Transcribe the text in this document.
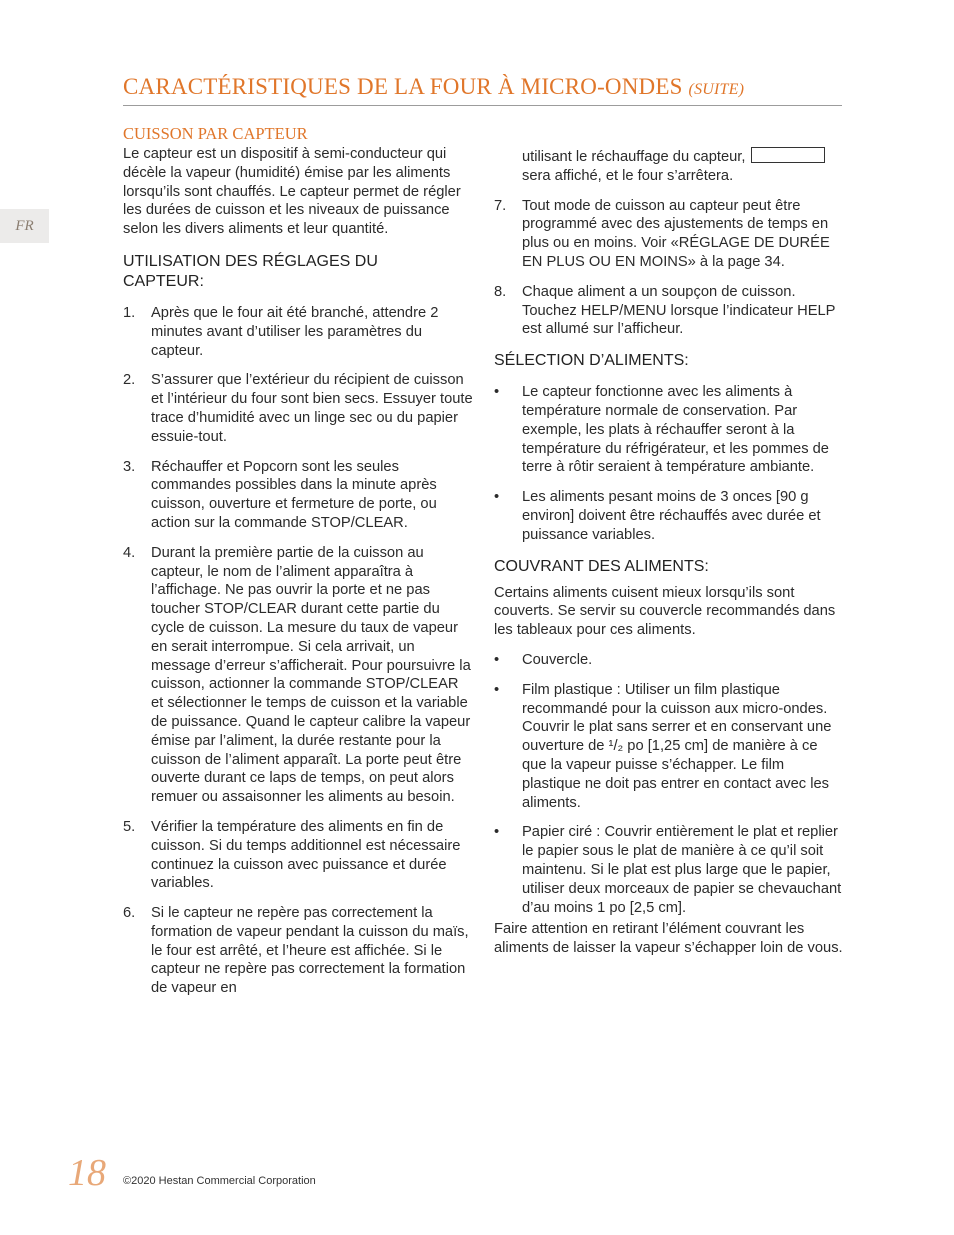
FR
CARACTÉRISTIQUES DE LA FOUR À MICRO-ONDES (SUITE)
CUISSON PAR CAPTEUR

Le capteur est un dispositif à semi-conducteur qui décèle la vapeur (humidité) émise par les aliments lorsqu’ils sont chauffés. Le capteur permet de régler les durées de cuisson et les niveaux de puissance selon les divers aliments et leur quantité.

UTILISATION DES RÉGLAGES DU CAPTEUR:
1. Après que le four ait été branché, attendre 2 minutes avant d’utiliser les paramètres du capteur.
2. S’assurer que l’extérieur du récipient de cuisson et l’intérieur du four sont bien secs. Essuyer toute trace d’humidité avec un linge sec ou du papier essuie-tout.
3. Réchauffer et Popcorn sont les seules commandes possibles dans la minute après cuisson, ouverture et fermeture de porte, ou action sur la commande STOP/CLEAR.
4. Durant la première partie de la cuisson au capteur, le nom de l’aliment apparaîtra à l’affichage. Ne pas ouvrir la porte et ne pas toucher STOP/CLEAR durant cette partie du cycle de cuisson. La mesure du taux de vapeur en serait interrompue. Si cela arrivait, un message d’erreur s’afficherait. Pour poursuivre la cuisson, actionner la commande STOP/CLEAR et sélectionner le temps de cuisson et la variable de puissance. Quand le capteur calibre la vapeur émise par l’aliment, la durée restante pour la cuisson de l’aliment apparaît. La porte peut être ouverte durant ce laps de temps, on peut alors remuer ou assaisonner les aliments au besoin.
5. Vérifier la température des aliments en fin de cuisson. Si du temps additionnel est nécessaire continuez la cuisson avec puissance et durée variables.
6. Si le capteur ne repère pas correctement la formation de vapeur pendant la cuisson du maïs, le four est arrêté, et l’heure est affichée. Si le capteur ne repère pas correctement la formation de vapeur en
utilisant le réchauffage du capteur,
sera affiché, et le four s’arrêtera.
7. Tout mode de cuisson au capteur peut être programmé avec des ajustements de temps en plus ou en moins. Voir «RÉGLAGE DE DURÉE EN PLUS OU EN MOINS» à la page 34.
8. Chaque aliment a un soupçon de cuisson. Touchez HELP/MENU lorsque l’indicateur HELP est allumé sur l’afficheur.
SÉLECTION D’ALIMENTS:
• Le capteur fonctionne avec les aliments à température normale de conservation. Par exemple, les plats à réchauffer seront à la température du réfrigérateur, et les pommes de terre à rôtir seraient à température ambiante.
• Les aliments pesant moins de 3 onces [90 g environ] doivent être réchauffés avec durée et puissance variables.
COUVRANT DES ALIMENTS:

Certains aliments cuisent mieux lorsqu’ils sont couverts. Se servir su couvercle recommandés dans les tableaux pour ces aliments.

• Couvercle.
• Film plastique : Utiliser un film plastique recommandé pour la cuisson aux micro-ondes. Couvrir le plat sans serrer et en conservant une ouverture de ¹/₂ po [1,25 cm] de manière à ce que la vapeur puisse s’échapper. Le film plastique ne doit pas entrer en contact avec les aliments.
• Papier ciré : Couvrir entièrement le plat et replier le papier sous le plat de manière à ce qu’il soit maintenu. Si le plat est plus large que le papier, utiliser deux morceaux de papier se chevauchant d’au moins 1 po [2,5 cm].

Faire attention en retirant l’élément couvrant les aliments de laisser la vapeur s’échapper loin de vous.

18 ©2020 Hestan Commercial Corporation
